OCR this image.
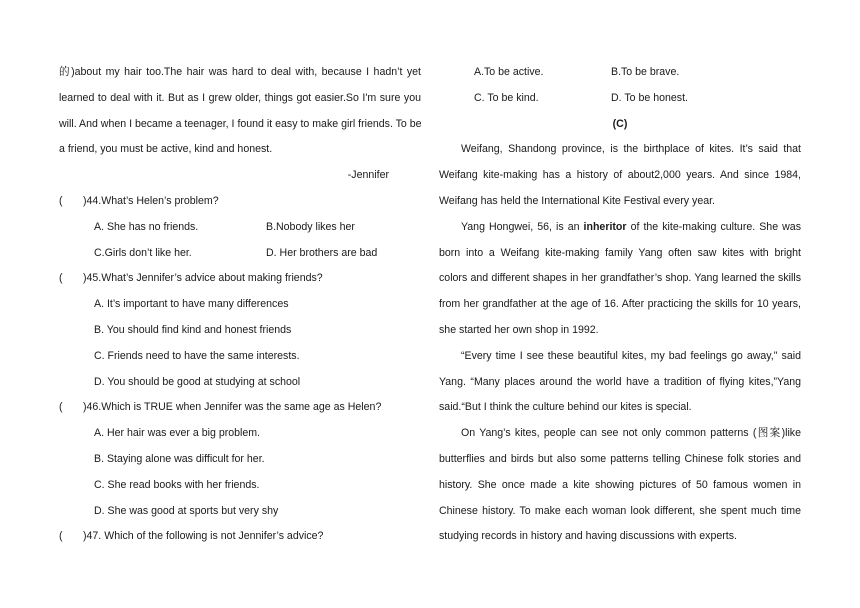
的)about my hair too.The hair was hard to deal with, because I hadn’t yet
learned to deal with it. But as I grew older, things got easier.So I'm sure you
will. And when I became a teenager, I found it easy to make girl friends. To be
a friend, you must be active, kind and honest.
-Jennifer
(	)44.What’s Helen’s problem?
A. She has no friends.	B.Nobody likes her
C.Girls don’t like her.	D. Her brothers are bad
(	)45.What’s Jennifer’s advice about making friends?
A. It’s important to have many differences
B. You should find kind and honest friends
C. Friends need to have the same interests.
D. You should be good at studying at school
(	)46.Which is TRUE when Jennifer was the same age as Helen?
A. Her hair was ever a big problem.
B. Staying alone was difficult for her.
C. She read books with her friends.
D. She was good at sports but very shy
(	)47. Which of the following is not Jennifer’s advice?
A.To be active.	B.To be brave.
C. To be kind.	D. To be honest.
(C)
Weifang, Shandong province, is the birthplace of kites. It’s said that
Weifang kite-making has a history of about2,000 years. And since 1984,
Weifang has held the International Kite Festival every year.
Yang Hongwei, 56, is an inheritor of the kite-making culture. She was
born into a Weifang kite-making family Yang often saw kites with bright
colors and different shapes in her grandfather’s shop. Yang learned the skills
from her grandfather at the age of 16. After practicing the skills for 10 years,
she started her own shop in 1992.
“Every time I see these beautiful kites, my bad feelings go away," said
Yang. “Many places around the world have a tradition of flying kites,”Yang
said.“But I think the culture behind our kites is special.
On Yang’s kites, people can see not only common patterns (图案)like
butterflies and birds but also some patterns telling Chinese folk stories and
history. She once made a kite showing pictures of 50 famous women in
Chinese history. To make each woman look different, she spent much time
studying records in history and having discussions with experts.
